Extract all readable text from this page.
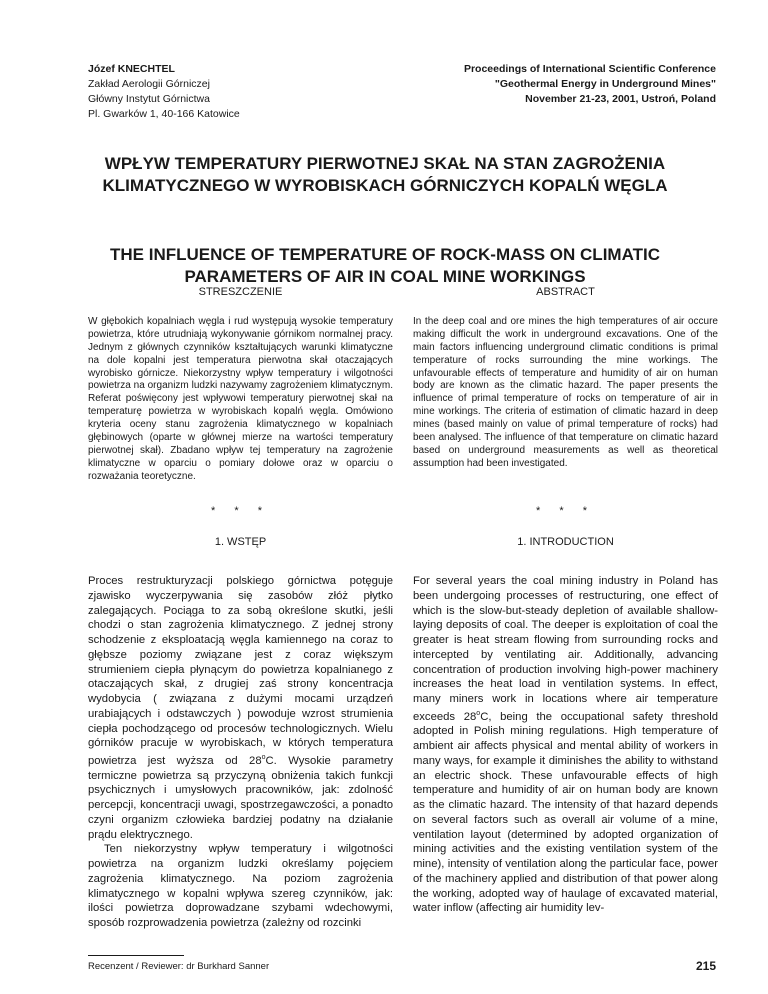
Józef KNECHTEL
Zakład Aerologii Górniczej
Główny Instytut Górnictwa
Pl. Gwarków 1, 40-166 Katowice
Proceedings of International Scientific Conference
"Geothermal Energy in Underground Mines"
November 21-23, 2001, Ustroń, Poland
WPŁYW TEMPERATURY PIERWOTNEJ SKAŁ NA STAN ZAGROŻENIA
KLIMATYCZNEGO W WYROBISKACH GÓRNICZYCH KOPALŃ WĘGLA
THE INFLUENCE OF TEMPERATURE OF ROCK-MASS ON CLIMATIC
PARAMETERS OF AIR IN COAL MINE WORKINGS
STRESZCZENIE
W głębokich kopalniach węgla i rud występują wysokie temperatury powietrza, które utrudniają wykonywanie górnikom normalnej pracy. Jednym z głównych czynników kształtujących warunki klimatyczne na dole kopalni jest temperatura pierwotna skał otaczających wyrobisko górnicze. Niekorzystny wpływ temperatury i wilgotności powietrza na organizm ludzki nazywamy zagrożeniem klimatycznym. Referat poświęcony jest wpływowi temperatury pierwotnej skał na temperaturę powietrza w wyrobiskach kopalń węgla. Omówiono kryteria oceny stanu zagrożenia klimatycznego w kopalniach głębinowych (oparte w głównej mierze na wartości temperatury pierwotnej skał). Zbadano wpływ tej temperatury na zagrożenie klimatyczne w oparciu o pomiary dołowe oraz w oparciu o rozważania teoretyczne.
ABSTRACT
In the deep coal and ore mines the high temperatures of air occure making difficult the work in underground excavations. One of the main factors influencing underground climatic conditions is primal temperature of rocks surrounding the mine workings. The unfavourable effects of temperature and humidity of air on human body are known as the climatic hazard. The paper presents the influence of primal temperature of rocks on temperature of air in mine workings. The criteria of estimation of climatic hazard in deep mines (based mainly on value of primal temperature of rocks) had been analysed. The influence of that temperature on climatic hazard based on underground measurements as well as theoretical assumption had been investigated.
* * *	* * *
1. WSTĘP	1. INTRODUCTION

Proces restrukturyzacji polskiego górnictwa potęguje zjawisko wyczerpywania się zasobów złóż płytko zalegających. Pociąga to za sobą określone skutki, jeśli chodzi o stan zagrożenia klimatycznego. Z jednej strony schodzenie z eksploatacją węgla kamiennego na coraz to głębsze poziomy związane jest z coraz większym strumieniem ciepła płynącym do powietrza kopalnianego z otaczających skał, z drugiej zaś strony koncentracja wydobycia ( związana z dużymi mocami urządzeń urabiających i odstawczych ) powoduje wzrost strumienia ciepła pochodzącego od procesów technologicznych. Wielu górników pracuje w wyrobiskach, w których temperatura powietrza jest wyższa od 28$^o$C. Wysokie parametry termiczne powietrza są przyczyną obniżenia takich funkcji psychicznych i umysłowych pracowników, jak: zdolność percepcji, koncentracji uwagi, spostrzegawczości, a ponadto czyni organizm człowieka bardziej podatny na działanie prądu elektrycznego.

Ten niekorzystny wpływ temperatury i wilgotności powietrza na organizm ludzki określamy pojęciem zagrożenia klimatycznego. Na poziom zagrożenia klimatycznego w kopalni wpływa szereg czynników, jak: ilości powietrza doprowadzane szybami wdechowymi, sposób rozprowadzenia powietrza (zależny od rozcinki

For several years the coal mining industry in Poland has been undergoing processes of restructuring, one effect of which is the slow-but-steady depletion of available shallow-laying deposits of coal. The deeper is exploitation of coal the greater is heat stream flowing from surrounding rocks and intercepted by ventilating air. Additionally, advancing concentration of production involving high-power machinery increases the heat load in ventilation systems. In effect, many miners work in locations where air temperature exceeds 28$^o$C, being the occupational safety threshold adopted in Polish mining regulations. High temperature of ambient air affects physical and mental ability of workers in many ways, for example it diminishes the ability to withstand an electric shock. These unfavourable effects of high temperature and humidity of air on human body are known as the climatic hazard. The intensity of that hazard depends on several factors such as overall air volume of a mine, ventilation layout (determined by adopted organization of mining activities and the existing ventilation system of the mine), intensity of ventilation along the particular face, power of the machinery applied and distribution of that power along the working, adopted way of haulage of excavated material, water inflow (affecting air humidity lev-

Recenzent / Reviewer: dr Burkhard Sanner	215
